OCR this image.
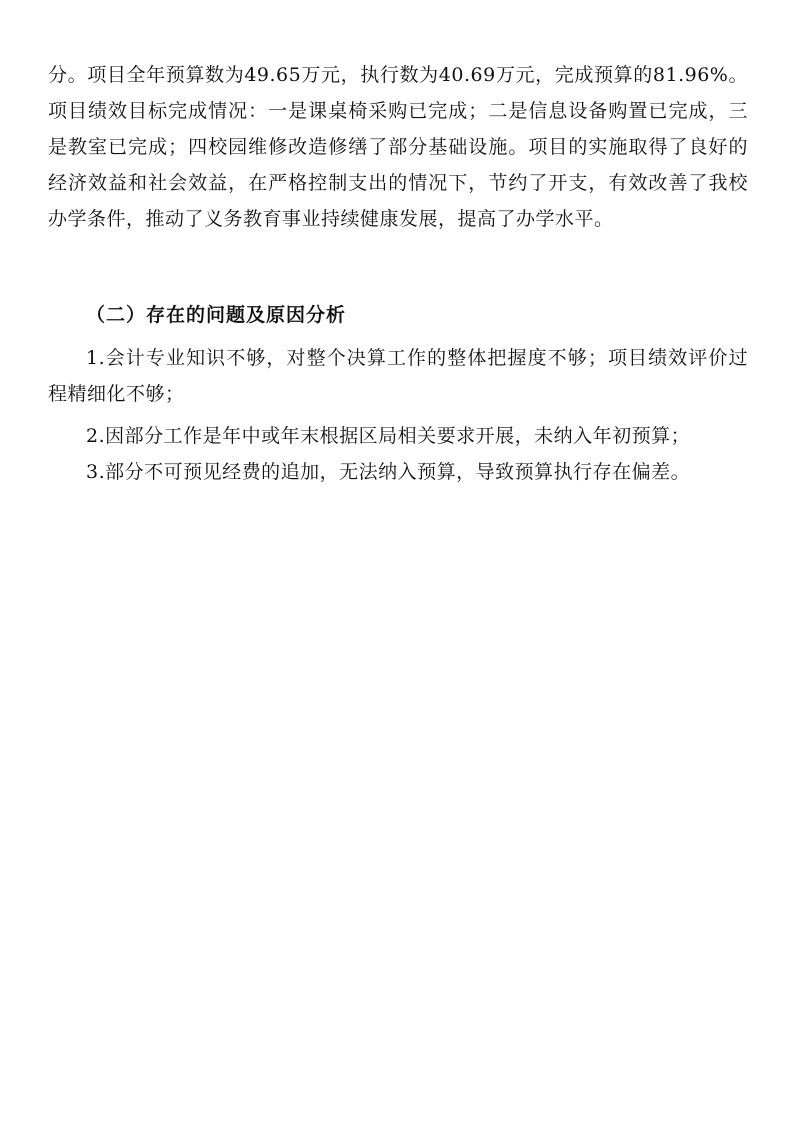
分。项目全年预算数为49.65万元，执行数为40.69万元，完成预算的81.96%。项目绩效目标完成情况：一是课桌椅采购已完成；二是信息设备购置已完成，三是教室已完成；四校园维修改造修缮了部分基础设施。项目的实施取得了良好的经济效益和社会效益，在严格控制支出的情况下，节约了开支，有效改善了我校办学条件，推动了义务教育事业持续健康发展，提高了办学水平。

（二）存在的问题及原因分析

1.会计专业知识不够，对整个决算工作的整体把握度不够；项目绩效评价过程精细化不够；

2.因部分工作是年中或年末根据区局相关要求开展，未纳入年初预算；

3.部分不可预见经费的追加，无法纳入预算，导致预算执行存在偏差。
